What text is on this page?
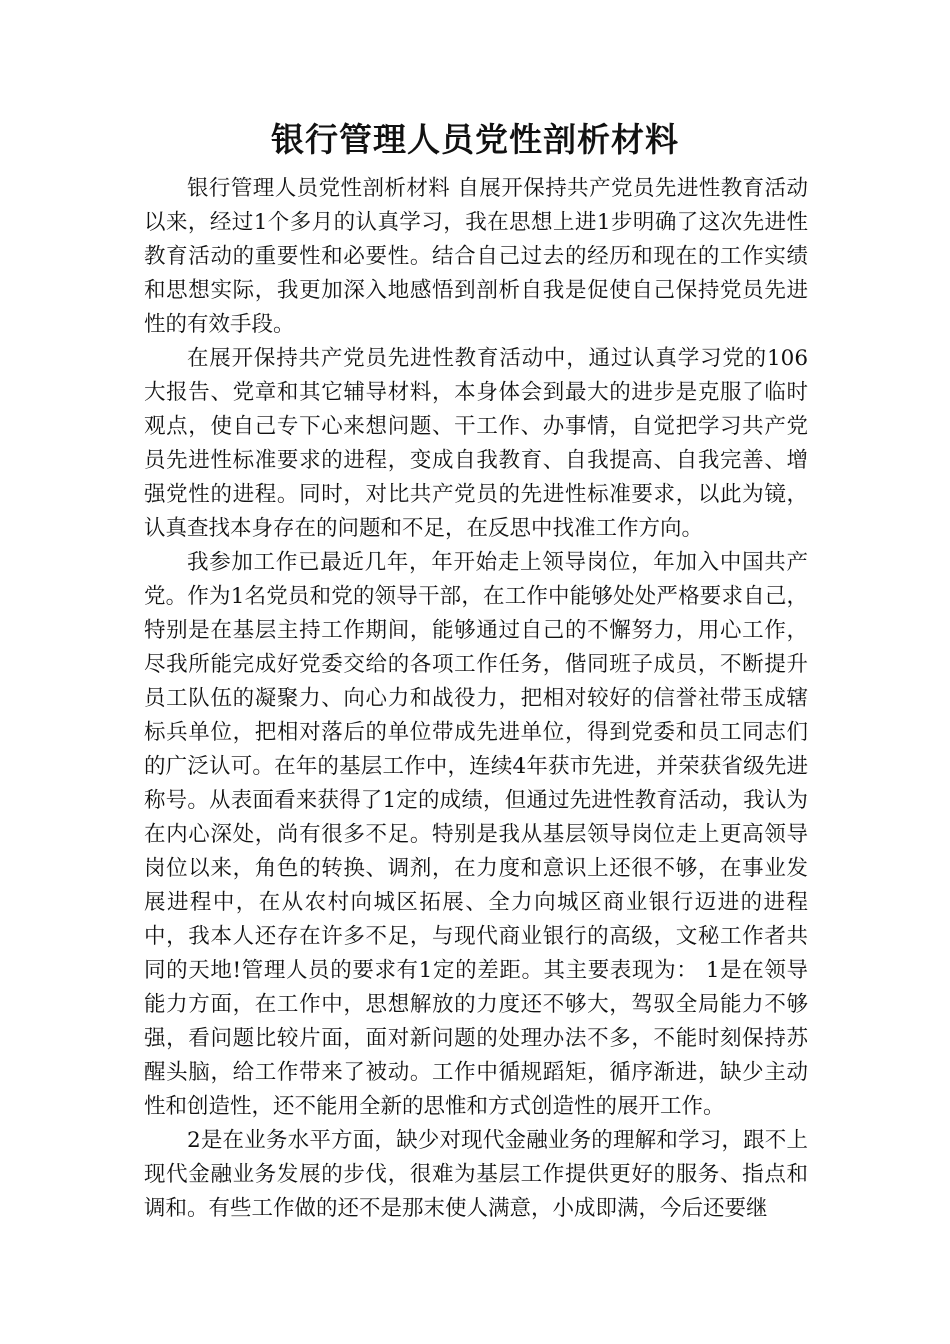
银行管理人员党性剖析材料

银行管理人员党性剖析材料 自展开保持共产党员先进性教育活动以来，经过1个多月的认真学习，我在思想上进1步明确了这次先进性教育活动的重要性和必要性。结合自己过去的经历和现在的工作实绩和思想实际，我更加深入地感悟到剖析自我是促使自己保持党员先进性的有效手段。

在展开保持共产党员先进性教育活动中，通过认真学习党的106大报告、党章和其它辅导材料，本身体会到最大的进步是克服了临时观点，使自己专下心来想问题、干工作、办事情，自觉把学习共产党员先进性标准要求的进程，变成自我教育、自我提高、自我完善、增强党性的进程。同时，对比共产党员的先进性标准要求，以此为镜，认真查找本身存在的问题和不足，在反思中找准工作方向。

我参加工作已最近几年，年开始走上领导岗位，年加入中国共产党。作为1名党员和党的领导干部，在工作中能够处处严格要求自己，特别是在基层主持工作期间，能够通过自己的不懈努力，用心工作，尽我所能完成好党委交给的各项工作任务，偕同班子成员，不断提升员工队伍的凝聚力、向心力和战役力，把相对较好的信誉社带玉成辖标兵单位，把相对落后的单位带成先进单位，得到党委和员工同志们的广泛认可。在年的基层工作中，连续4年获市先进，并荣获省级先进称号。从表面看来获得了1定的成绩，但通过先进性教育活动，我认为在内心深处，尚有很多不足。特别是我从基层领导岗位走上更高领导岗位以来，角色的转换、调剂，在力度和意识上还很不够，在事业发展进程中，在从农村向城区拓展、全力向城区商业银行迈进的进程中，我本人还存在许多不足，与现代商业银行的高级，文秘工作者共同的天地!管理人员的要求有1定的差距。其主要表现为： 1是在领导能力方面，在工作中，思想解放的力度还不够大，驾驭全局能力不够强，看问题比较片面，面对新问题的处理办法不多，不能时刻保持苏醒头脑，给工作带来了被动。工作中循规蹈矩，循序渐进，缺少主动性和创造性，还不能用全新的思惟和方式创造性的展开工作。

2是在业务水平方面，缺少对现代金融业务的理解和学习，跟不上现代金融业务发展的步伐，很难为基层工作提供更好的服务、指点和调和。有些工作做的还不是那末使人满意，小成即满，今后还要继
